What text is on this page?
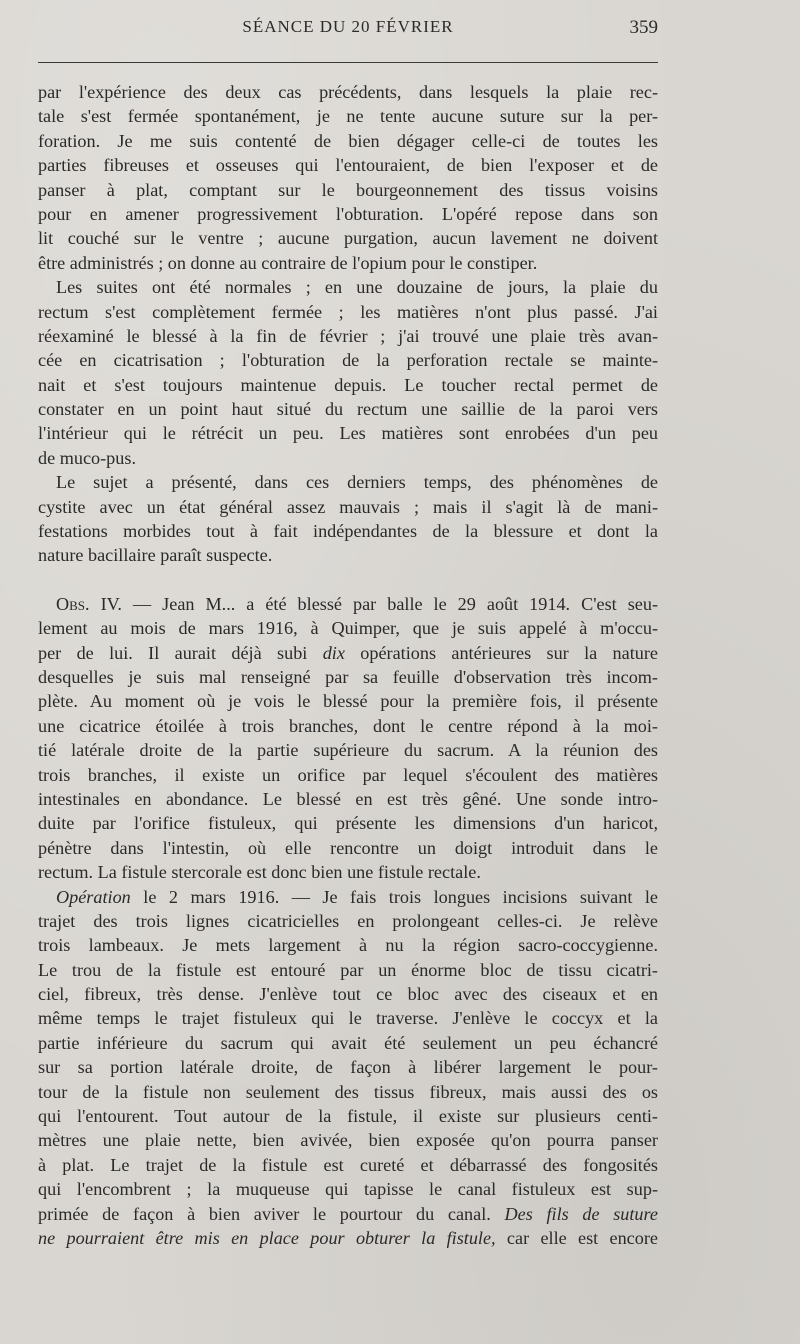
SÉANCE DU 20 FÉVRIER	359
par l'expérience des deux cas précédents, dans lesquels la plaie rec-
tale s'est fermée spontanément, je ne tente aucune suture sur la per-
foration. Je me suis contenté de bien dégager celle-ci de toutes les
parties fibreuses et osseuses qui l'entouraient, de bien l'exposer et de
panser à plat, comptant sur le bourgeonnement des tissus voisins
pour en amener progressivement l'obturation. L'opéré repose dans son
lit couché sur le ventre ; aucune purgation, aucun lavement ne doivent
être administrés ; on donne au contraire de l'opium pour le constiper.
Les suites ont été normales ; en une douzaine de jours, la plaie du
rectum s'est complètement fermée ; les matières n'ont plus passé. J'ai
réexaminé le blessé à la fin de février ; j'ai trouvé une plaie très avan-
cée en cicatrisation ; l'obturation de la perforation rectale se mainte-
nait et s'est toujours maintenue depuis. Le toucher rectal permet de
constater en un point haut situé du rectum une saillie de la paroi vers
l'intérieur qui le rétrécit un peu. Les matières sont enrobées d'un peu
de muco-pus.
Le sujet a présenté, dans ces derniers temps, des phénomènes de
cystite avec un état général assez mauvais ; mais il s'agit là de mani-
festations morbides tout à fait indépendantes de la blessure et dont la
nature bacillaire paraît suspecte.
Obs. IV. — Jean M... a été blessé par balle le 29 août 1914. C'est seu-
lement au mois de mars 1916, à Quimper, que je suis appelé à m'occu-
per de lui. Il aurait déjà subi dix opérations antérieures sur la nature
desquelles je suis mal renseigné par sa feuille d'observation très incom-
plète. Au moment où je vois le blessé pour la première fois, il présente
une cicatrice étoilée à trois branches, dont le centre répond à la moi-
tié latérale droite de la partie supérieure du sacrum. A la réunion des
trois branches, il existe un orifice par lequel s'écoulent des matières
intestinales en abondance. Le blessé en est très gêné. Une sonde intro-
duite par l'orifice fistuleux, qui présente les dimensions d'un haricot,
pénètre dans l'intestin, où elle rencontre un doigt introduit dans le
rectum. La fistule stercorale est donc bien une fistule rectale.
Opération le 2 mars 1916. — Je fais trois longues incisions suivant le
trajet des trois lignes cicatricielles en prolongeant celles-ci. Je relève
trois lambeaux. Je mets largement à nu la région sacro-coccygienne.
Le trou de la fistule est entouré par un énorme bloc de tissu cicatri-
ciel, fibreux, très dense. J'enlève tout ce bloc avec des ciseaux et en
même temps le trajet fistuleux qui le traverse. J'enlève le coccyx et la
partie inférieure du sacrum qui avait été seulement un peu échancré
sur sa portion latérale droite, de façon à libérer largement le pour-
tour de la fistule non seulement des tissus fibreux, mais aussi des os
qui l'entourent. Tout autour de la fistule, il existe sur plusieurs centi-
mètres une plaie nette, bien avivée, bien exposée qu'on pourra panser
à plat. Le trajet de la fistule est cureté et débarrassé des fongosités
qui l'encombrent ; la muqueuse qui tapisse le canal fistuleux est sup-
primée de façon à bien aviver le pourtour du canal. Des fils de suture
ne pourraient être mis en place pour obturer la fistule, car elle est encore
